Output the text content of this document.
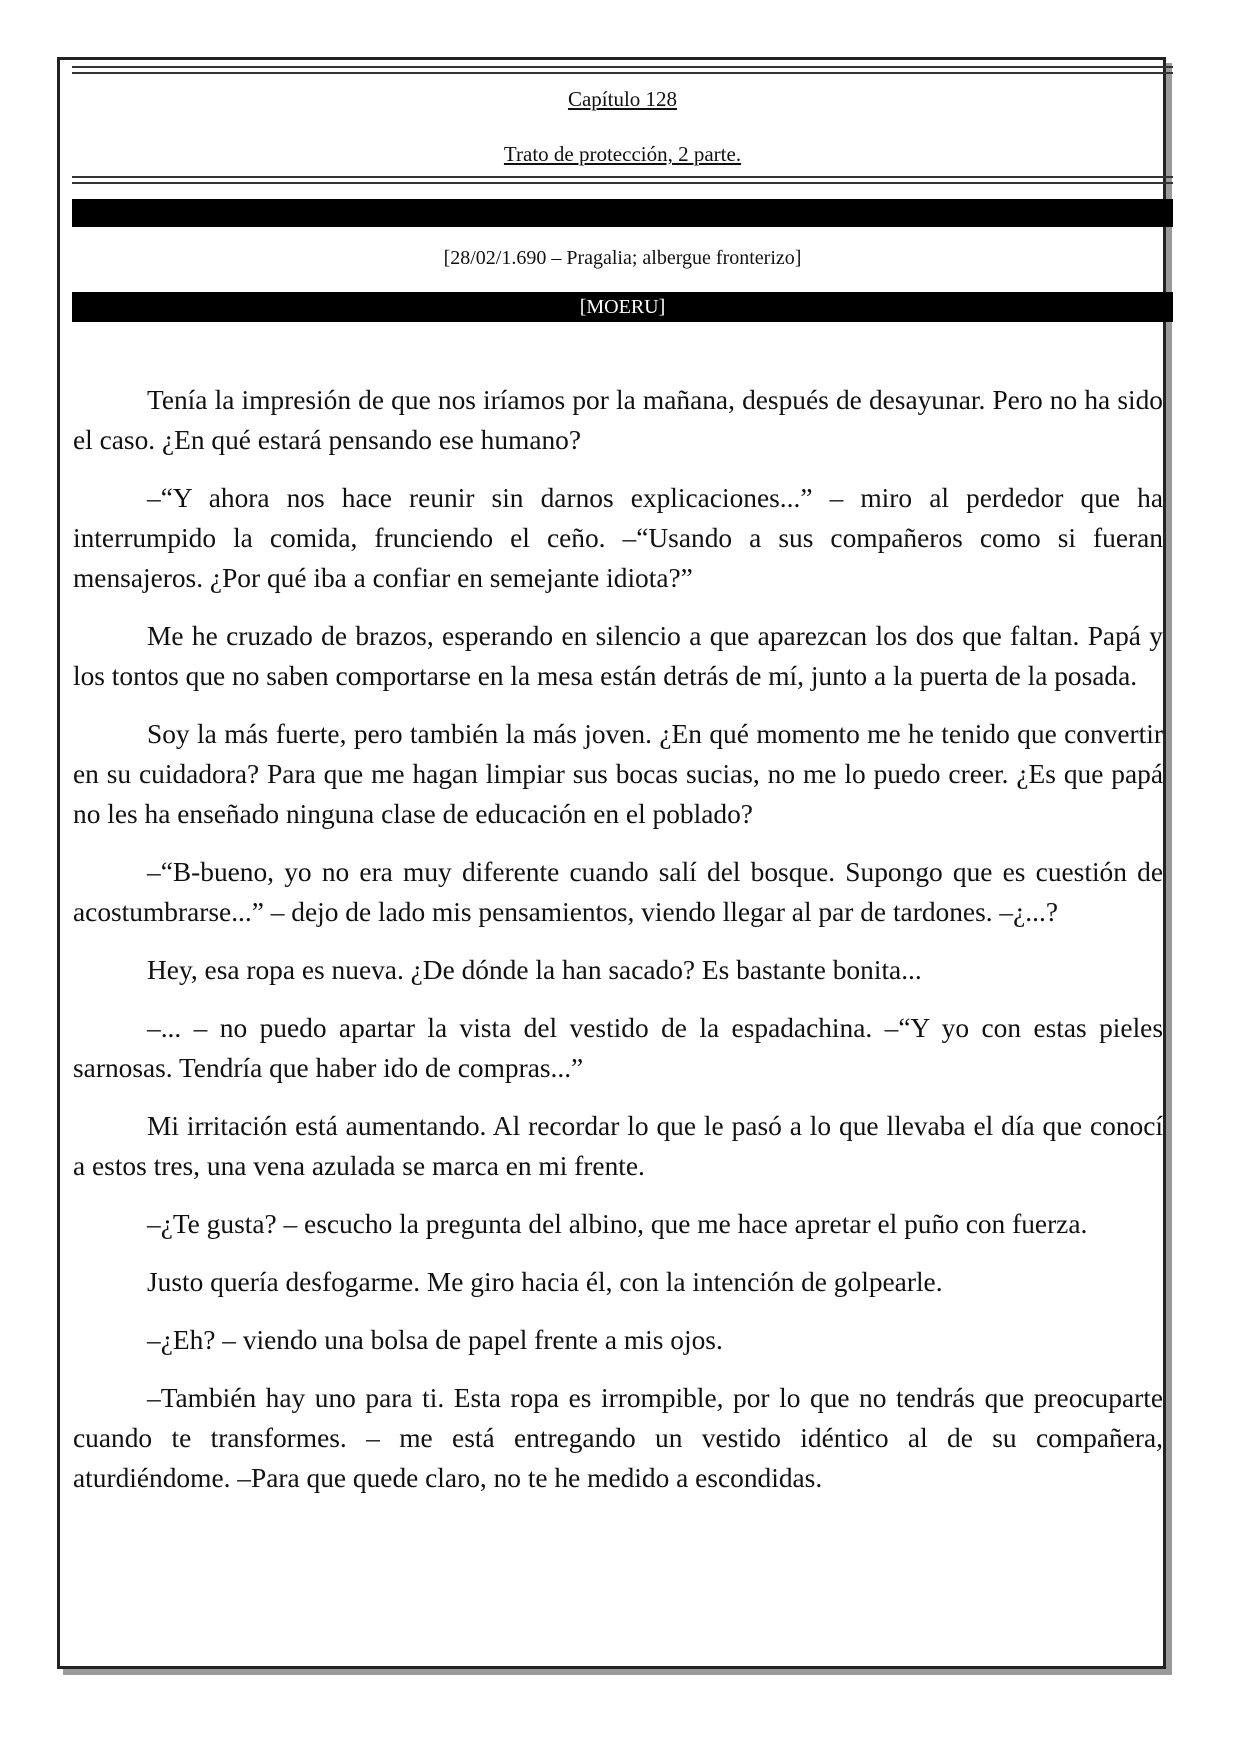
Capítulo 128
Trato de protección, 2 parte.
[28/02/1.690 – Pragalia; albergue fronterizo]
[MOERU]

Tenía la impresión de que nos iríamos por la mañana, después de desayunar. Pero no ha sido el caso. ¿En qué estará pensando ese humano?

–“Y ahora nos hace reunir sin darnos explicaciones...” – miro al perdedor que ha interrumpido la comida, frunciendo el ceño. –“Usando a sus compañeros como si fueran mensajeros. ¿Por qué iba a confiar en semejante idiota?”

Me he cruzado de brazos, esperando en silencio a que aparezcan los dos que faltan. Papá y los tontos que no saben comportarse en la mesa están detrás de mí, junto a la puerta de la posada.

Soy la más fuerte, pero también la más joven. ¿En qué momento me he tenido que convertir en su cuidadora? Para que me hagan limpiar sus bocas sucias, no me lo puedo creer. ¿Es que papá no les ha enseñado ninguna clase de educación en el poblado?

–“B-bueno, yo no era muy diferente cuando salí del bosque. Supongo que es cuestión de acostumbrarse...” – dejo de lado mis pensamientos, viendo llegar al par de tardones. –¿...?

Hey, esa ropa es nueva. ¿De dónde la han sacado? Es bastante bonita...

–... – no puedo apartar la vista del vestido de la espadachina. –“Y yo con estas pieles sarnosas. Tendría que haber ido de compras...”

Mi irritación está aumentando. Al recordar lo que le pasó a lo que llevaba el día que conocí a estos tres, una vena azulada se marca en mi frente.

–¿Te gusta? – escucho la pregunta del albino, que me hace apretar el puño con fuerza.

Justo quería desfogarme. Me giro hacia él, con la intención de golpearle.

–¿Eh? – viendo una bolsa de papel frente a mis ojos.

–También hay uno para ti. Esta ropa es irrompible, por lo que no tendrás que preocuparte cuando te transformes. – me está entregando un vestido idéntico al de su compañera, aturdiéndome. –Para que quede claro, no te he medido a escondidas.
